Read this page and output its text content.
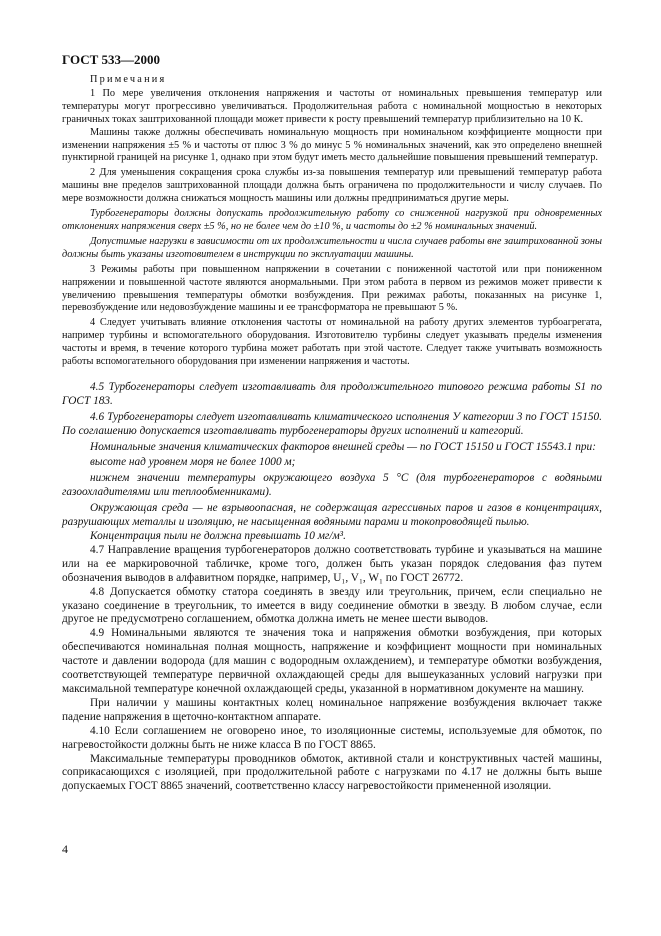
ГОСТ 533—2000

Примечания

1 По мере увеличения отклонения напряжения и частоты от номинальных превышения температур или температуры могут прогрессивно увеличиваться. Продолжительная работа с номинальной мощностью в некоторых граничных токах заштрихованной площади может привести к росту превышений температур приблизительно на 10 К.

Машины также должны обеспечивать номинальную мощность при номинальном коэффициенте мощности при изменении напряжения ±5 % и частоты от плюс 3 % до минус 5 % номинальных значений, как это определено внешней пунктирной границей на рисунке 1, однако при этом будут иметь место дальнейшие повышения превышений температур.

2 Для уменьшения сокращения срока службы из-за повышения температур или превышений температур работа машины вне пределов заштрихованной площади должна быть ограничена по продолжительности и числу случаев. По мере возможности должна снижаться мощность машины или должны предприниматься другие меры.

Турбогенераторы должны допускать продолжительную работу со сниженной нагрузкой при одновременных отклонениях напряжения сверх ±5 %, но не более чем до ±10 %, и частоты до ±2 % номинальных значений.

Допустимые нагрузки в зависимости от их продолжительности и числа случаев работы вне заштрихованной зоны должны быть указаны изготовителем в инструкции по эксплуатации машины.

3 Режимы работы при повышенном напряжении в сочетании с пониженной частотой или при пониженном напряжении и повышенной частоте являются анормальными. При этом работа в первом из режимов может привести к увеличению превышения температуры обмотки возбуждения. При режимах работы, показанных на рисунке 1, перевозбуждение или недовозбуждение машины и ее трансформатора не превышают 5 %.

4 Следует учитывать влияние отклонения частоты от номинальной на работу других элементов турбоагрегата, например турбины и вспомогательного оборудования. Изготовителю турбины следует указывать пределы изменения частоты и время, в течение которого турбина может работать при этой частоте. Следует также учитывать возможность работы вспомогательного оборудования при изменении напряжения и частоты.

4.5 Турбогенераторы следует изготавливать для продолжительного типового режима работы S1 по ГОСТ 183.

4.6 Турбогенераторы следует изготавливать климатического исполнения У категории 3 по ГОСТ 15150. По соглашению допускается изготавливать турбогенераторы других исполнений и категорий.

Номинальные значения климатических факторов внешней среды — по ГОСТ 15150 и ГОСТ 15543.1 при:

высоте над уровнем моря не более 1000 м;

нижнем значении температуры окружающего воздуха 5 °С (для турбогенераторов с водяными газоохладителями или теплообменниками).

Окружающая среда — не взрывоопасная, не содержащая агрессивных паров и газов в концентрациях, разрушающих металлы и изоляцию, не насыщенная водяными парами и токопроводящей пылью.

Концентрация пыли не должна превышать 10 мг/м³.

4.7 Направление вращения турбогенераторов должно соответствовать турбине и указываться на машине или на ее маркировочной табличке, кроме того, должен быть указан порядок следования фаз путем обозначения выводов в алфавитном порядке, например, U₁, V₁, W₁ по ГОСТ 26772.

4.8 Допускается обмотку статора соединять в звезду или треугольник, причем, если специально не указано соединение в треугольник, то имеется в виду соединение обмотки в звезду. В любом случае, если другое не предусмотрено соглашением, обмотка должна иметь не менее шести выводов.

4.9 Номинальными являются те значения тока и напряжения обмотки возбуждения, при которых обеспечиваются номинальная полная мощность, напряжение и коэффициент мощности при номинальных частоте и давлении водорода (для машин с водородным охлаждением), и температуре обмотки возбуждения, соответствующей температуре первичной охлаждающей среды для вышеуказанных условий нагрузки при максимальной температуре конечной охлаждающей среды, указанной в нормативном документе на машину.

При наличии у машины контактных колец номинальное напряжение возбуждения включает также падение напряжения в щеточно-контактном аппарате.

4.10 Если соглашением не оговорено иное, то изоляционные системы, используемые для обмоток, по нагревостойкости должны быть не ниже класса В по ГОСТ 8865.

Максимальные температуры проводников обмоток, активной стали и конструктивных частей машины, соприкасающихся с изоляцией, при продолжительной работе с нагрузками по 4.17 не должны быть выше допускаемых ГОСТ 8865 значений, соответственно классу нагревостойкости примененной изоляции.

4
